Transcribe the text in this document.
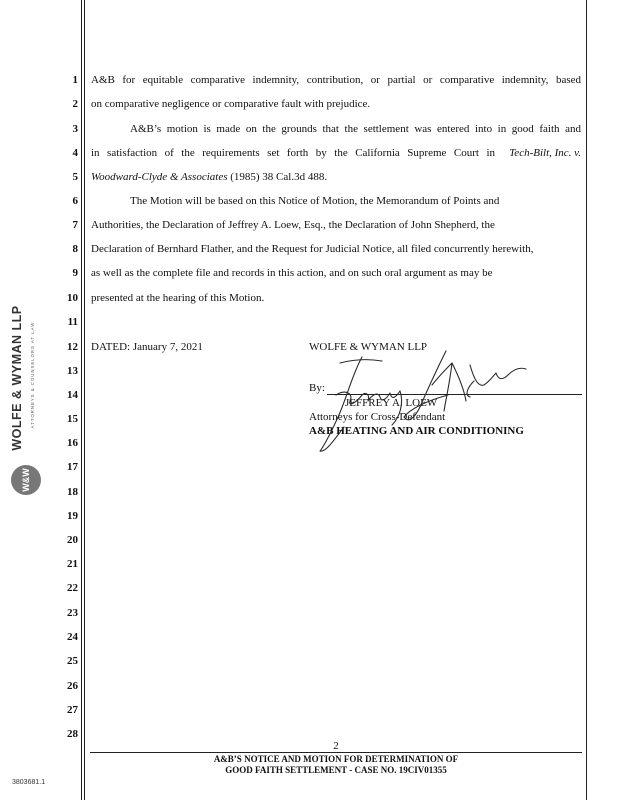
1
2
3
4
5
6
7
8
9
10
11
12
13
14
15
16
17
18
19
20
21
22
23
24
25
26
27
28
A&B for equitable comparative indemnity, contribution, or partial or comparative indemnity, based
on comparative negligence or comparative fault with prejudice.
A&B’s motion is made on the grounds that the settlement was entered into in good faith and
in satisfaction of the requirements set forth by the California Supreme Court in Tech-Bilt, Inc. v.
Woodward-Clyde & Associates (1985) 38 Cal.3d 488.
The Motion will be based on this Notice of Motion, the Memorandum of Points and
Authorities, the Declaration of Jeffrey A. Loew, Esq., the Declaration of John Shepherd, the
Declaration of Bernhard Flather, and the Request for Judicial Notice, all filed concurrently herewith,
as well as the complete file and records in this action, and on such oral argument as may be
presented at the hearing of this Motion.
DATED: January 7, 2021	WOLFE & WYMAN LLP
By:
JEFFREY A. LOEW
Attorneys for Cross-Defendant
A&B HEATING AND AIR CONDITIONING
W&W
WOLFE & WYMAN LLP	ATTORNEYS & COUNSELORS AT LAW
2
A&B’S NOTICE AND MOTION FOR DETERMINATION OF
GOOD FAITH SETTLEMENT - CASE NO. 19CIV01355
3803681.1
